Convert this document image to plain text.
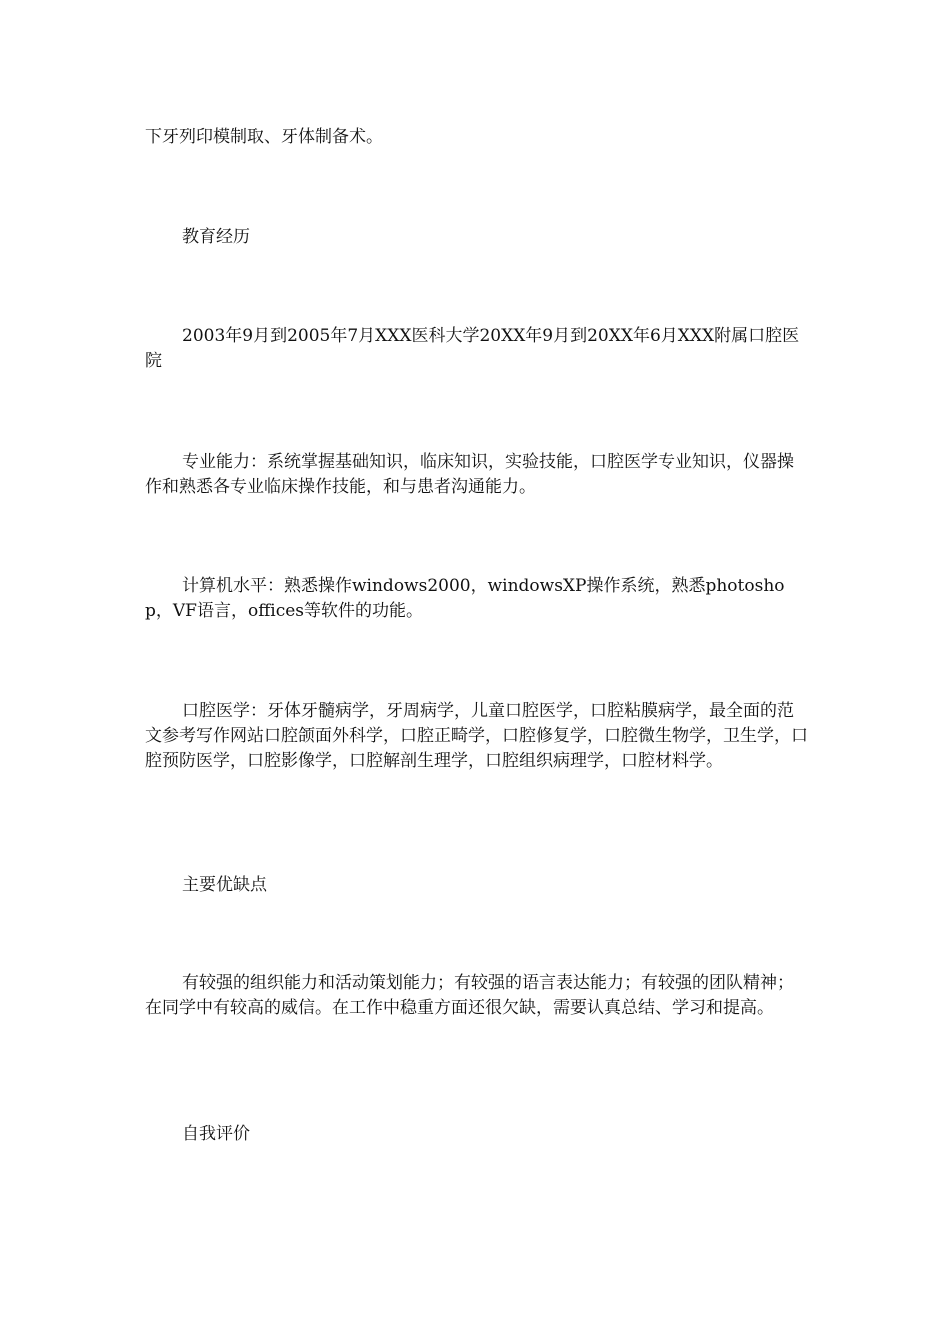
下牙列印模制取、牙体制备术。

教育经历

2003年9月到2005年7月XXX医科大学20XX年9月到20XX年6月XXX附属口腔医院

专业能力：系统掌握基础知识，临床知识，实验技能，口腔医学专业知识，仪器操作和熟悉各专业临床操作技能，和与患者沟通能力。

计算机水平：熟悉操作windows2000，windowsXP操作系统，熟悉photoshop，VF语言，offices等软件的功能。

口腔医学：牙体牙髓病学，牙周病学，儿童口腔医学，口腔粘膜病学，最全面的范文参考写作网站口腔颌面外科学，口腔正畸学，口腔修复学，口腔微生物学，卫生学，口腔预防医学，口腔影像学，口腔解剖生理学，口腔组织病理学，口腔材料学。

主要优缺点

有较强的组织能力和活动策划能力；有较强的语言表达能力；有较强的团队精神；在同学中有较高的威信。在工作中稳重方面还很欠缺，需要认真总结、学习和提高。

自我评价
